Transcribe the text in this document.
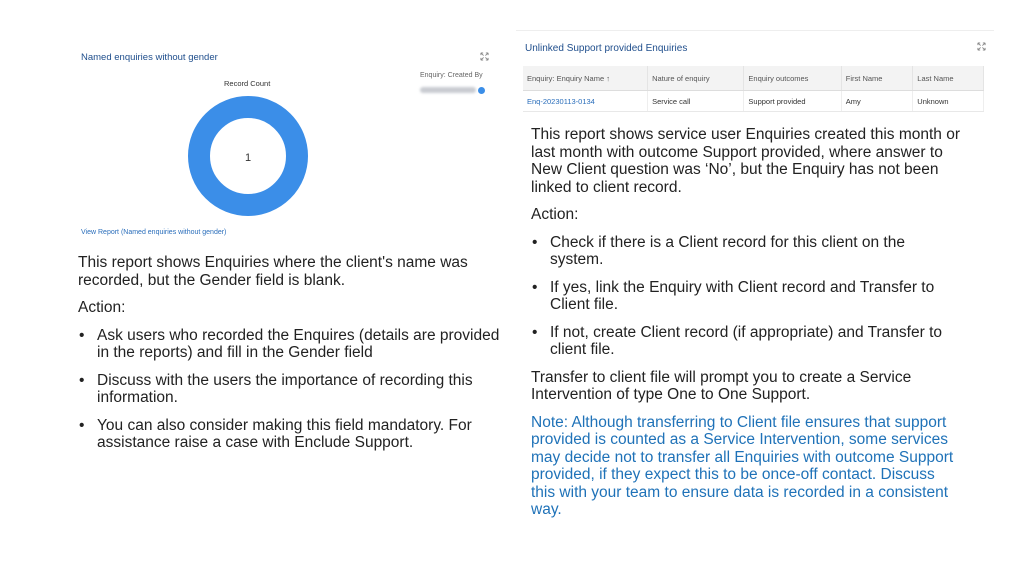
Named enquiries without gender
Record Count
1
Enquiry: Created By
View Report (Named enquiries without gender)
Unlinked Support provided Enquiries
Enquiry: Enquiry Name ↑	Nature of enquiry	Enquiry outcomes	First Name	Last Name
Enq-20230113-0134	Service call	Support provided	Amy	Unknown

This report shows Enquiries where the client's name was recorded, but the Gender field is blank.

Action:

• Ask users who recorded the Enquires (details are provided in the reports) and fill in the Gender field
• Discuss with the users the importance of recording this information.
• You can also consider making this field mandatory. For assistance raise a case with Enclude Support.

This report shows service user Enquiries created this month or last month with outcome Support provided, where answer to New Client question was ‘No’, but the Enquiry has not been linked to client record.

Action:

• Check if there is a Client record for this client on the system.
• If yes, link the Enquiry with Client record and Transfer to Client file.
• If not, create Client record (if appropriate) and Transfer to client file.

Transfer to client file will prompt you to create a Service Intervention of type One to One Support.

Note: Although transferring to Client file ensures that support provided is counted as a Service Intervention, some services may decide not to transfer all Enquiries with outcome Support provided, if they expect this to be once-off contact. Discuss this with your team to ensure data is recorded in a consistent way.
